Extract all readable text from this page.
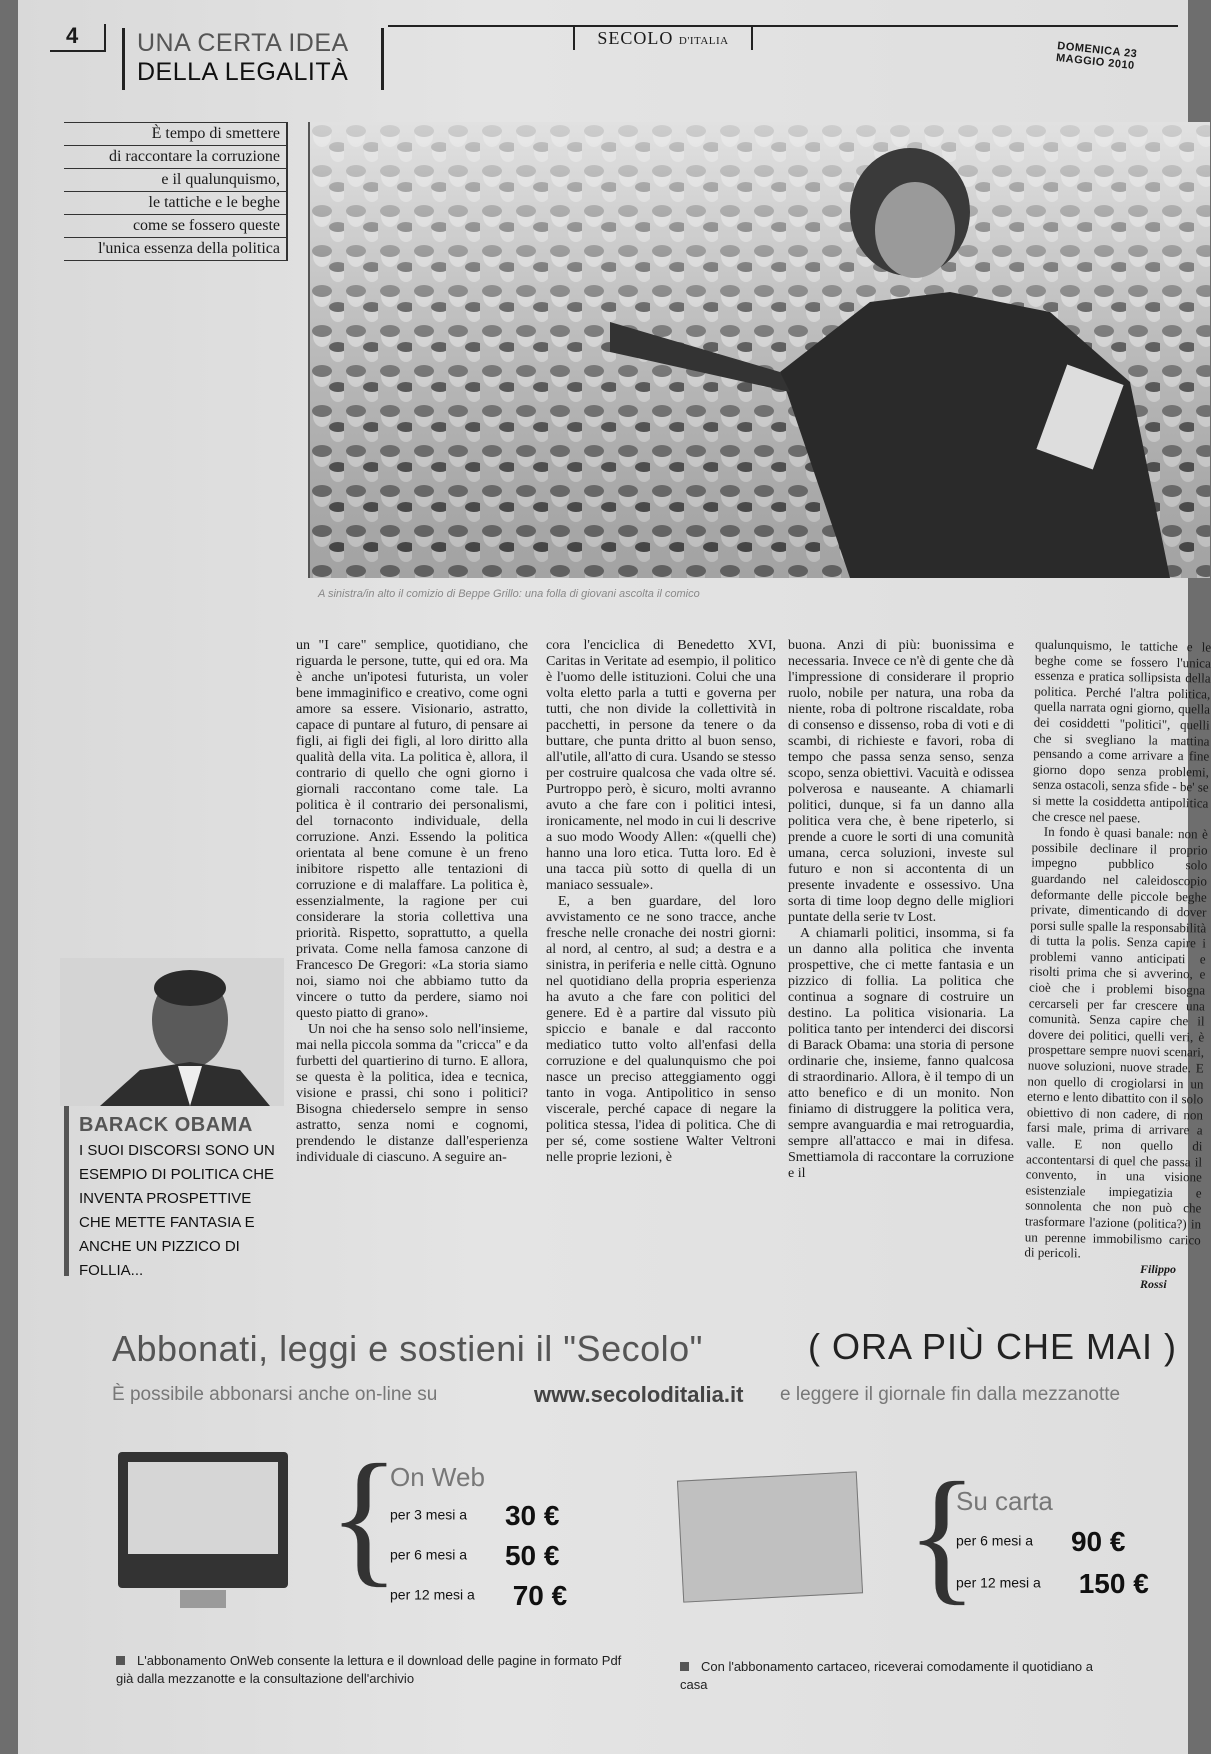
4	UNA CERTA IDEA
DELLA LEGALITÀ
SECOLO D'ITALIA	DOMENICA 23 MAGGIO 2010
È tempo di smettere
di raccontare la corruzione
e il qualunquismo,
le tattiche e le beghe
come se fossero queste
l'unica essenza della politica
A sinistra/in alto il comizio di Beppe Grillo: una folla di giovani ascolta il comico
BARACK OBAMA
I SUOI DISCORSI SONO UN ESEMPIO DI POLITICA CHE INVENTA PROSPETTIVE CHE METTE FANTASIA E ANCHE UN PIZZICO DI FOLLIA...

un "I care" semplice, quotidiano, che riguarda le persone, tutte, qui ed ora. Ma è anche un'ipotesi futurista, un voler bene immaginifico e creativo, come ogni amore sa essere. Visionario, astratto, capace di puntare al futuro, di pensare ai figli, ai figli dei figli, al loro diritto alla qualità della vita. La politica è, allora, il contrario di quello che ogni giorno i giornali raccontano come tale. La politica è il contrario dei personalismi, del tornaconto individuale, della corruzione. Anzi. Essendo la politica orientata al bene comune è un freno inibitore rispetto alle tentazioni di corruzione e di malaffare. La politica è, essenzialmente, la ragione per cui considerare la storia collettiva una priorità. Rispetto, soprattutto, a quella privata. Come nella famosa canzone di Francesco De Gregori: «La storia siamo noi, siamo noi che abbiamo tutto da vincere o tutto da perdere, siamo noi questo piatto di grano».

Un noi che ha senso solo nell'insieme, mai nella piccola somma da "cricca" e da furbetti del quartierino di turno. E allora, se questa è la politica, idea e tecnica, visione e prassi, chi sono i politici? Bisogna chiederselo sempre in senso astratto, senza nomi e cognomi, prendendo le distanze dall'esperienza individuale di ciascuno. A seguire an-

cora l'enciclica di Benedetto XVI, Caritas in Veritate ad esempio, il politico è l'uomo delle istituzioni. Colui che una volta eletto parla a tutti e governa per tutti, che non divide la collettività in pacchetti, in persone da tenere o da buttare, che punta dritto al buon senso, all'utile, all'atto di cura. Usando se stesso per costruire qualcosa che vada oltre sé. Purtroppo però, è sicuro, molti avranno avuto a che fare con i politici intesi, ironicamente, nel modo in cui li descrive a suo modo Woody Allen: «(quelli che) hanno una loro etica. Tutta loro. Ed è una tacca più sotto di quella di un maniaco sessuale».

E, a ben guardare, del loro avvistamento ce ne sono tracce, anche fresche nelle cronache dei nostri giorni: al nord, al centro, al sud; a destra e a sinistra, in periferia e nelle città. Ognuno nel quotidiano della propria esperienza ha avuto a che fare con politici del genere. Ed è a partire dal vissuto più spiccio e banale e dal racconto mediatico tutto volto all'enfasi della corruzione e del qualunquismo che poi nasce un preciso atteggiamento oggi tanto in voga. Antipolitico in senso viscerale, perché capace di negare la politica stessa, l'idea di politica. Che di per sé, come sostiene Walter Veltroni nelle proprie lezioni, è

buona. Anzi di più: buonissima e necessaria. Invece ce n'è di gente che dà l'impressione di considerare il proprio ruolo, nobile per natura, una roba da niente, roba di poltrone riscaldate, roba di consenso e dissenso, roba di voti e di scambi, di richieste e favori, roba di tempo che passa senza senso, senza scopo, senza obiettivi. Vacuità e odissea polverosa e nauseante. A chiamarli politici, dunque, si fa un danno alla politica vera che, è bene ripeterlo, si prende a cuore le sorti di una comunità umana, cerca soluzioni, investe sul futuro e non si accontenta di un presente invadente e ossessivo. Una sorta di time loop degno delle migliori puntate della serie tv Lost.

A chiamarli politici, insomma, si fa un danno alla politica che inventa prospettive, che ci mette fantasia e un pizzico di follia. La politica che continua a sognare di costruire un destino. La politica visionaria. La politica tanto per intenderci dei discorsi di Barack Obama: una storia di persone ordinarie che, insieme, fanno qualcosa di straordinario. Allora, è il tempo di un atto benefico e di un monito. Non finiamo di distruggere la politica vera, sempre avanguardia e mai retroguardia, sempre all'attacco e mai in difesa. Smettiamola di raccontare la corruzione e il

qualunquismo, le tattiche e le beghe come se fossero l'unica essenza e pratica sollipsista della politica. Perché l'altra politica, quella narrata ogni giorno, quella dei cosiddetti "politici", quelli che si svegliano la mattina pensando a come arrivare a fine giorno dopo senza problemi, senza ostacoli, senza sfide - be' se si mette la cosiddetta antipolitica che cresce nel paese.

In fondo è quasi banale: non è possibile declinare il proprio impegno pubblico solo guardando nel caleidoscopio deformante delle piccole beghe private, dimenticando di dover porsi sulle spalle la responsabilità di tutta la polis. Senza capire i problemi vanno anticipati e risolti prima che si avverino, e cioè che i problemi bisogna cercarseli per far crescere una comunità. Senza capire che il dovere dei politici, quelli veri, è prospettare sempre nuovi scenari, nuove soluzioni, nuove strade. E non quello di crogiolarsi in un eterno e lento dibattito con il solo obiettivo di non cadere, di non farsi male, prima di arrivare a valle. E non quello di accontentarsi di quel che passa il convento, in una visione esistenziale impiegatizia e sonnolenta che non può che trasformare l'azione (politica?) in un perenne immobilismo carico di pericoli.

Filippo Rossi
Abbonati, leggi e sostieni il "Secolo"	( ORA PIÙ CHE MAI )
È possibile abbonarsi anche on-line su	www.secoloditalia.it e leggere il giornale fin dalla mezzanotte
{
On Web
per 3 mesi a 30 €
per 6 mesi a 50 €
per 12 mesi a 70 € {
Su carta
per 6 mesi a 90 €
per 12 mesi a 150 €
L'abbonamento OnWeb consente la lettura e il download delle pagine in formato Pdf già dalla mezzanotte e la consultazione dell'archivio
Con l'abbonamento cartaceo, riceverai comodamente il quotidiano a casa
